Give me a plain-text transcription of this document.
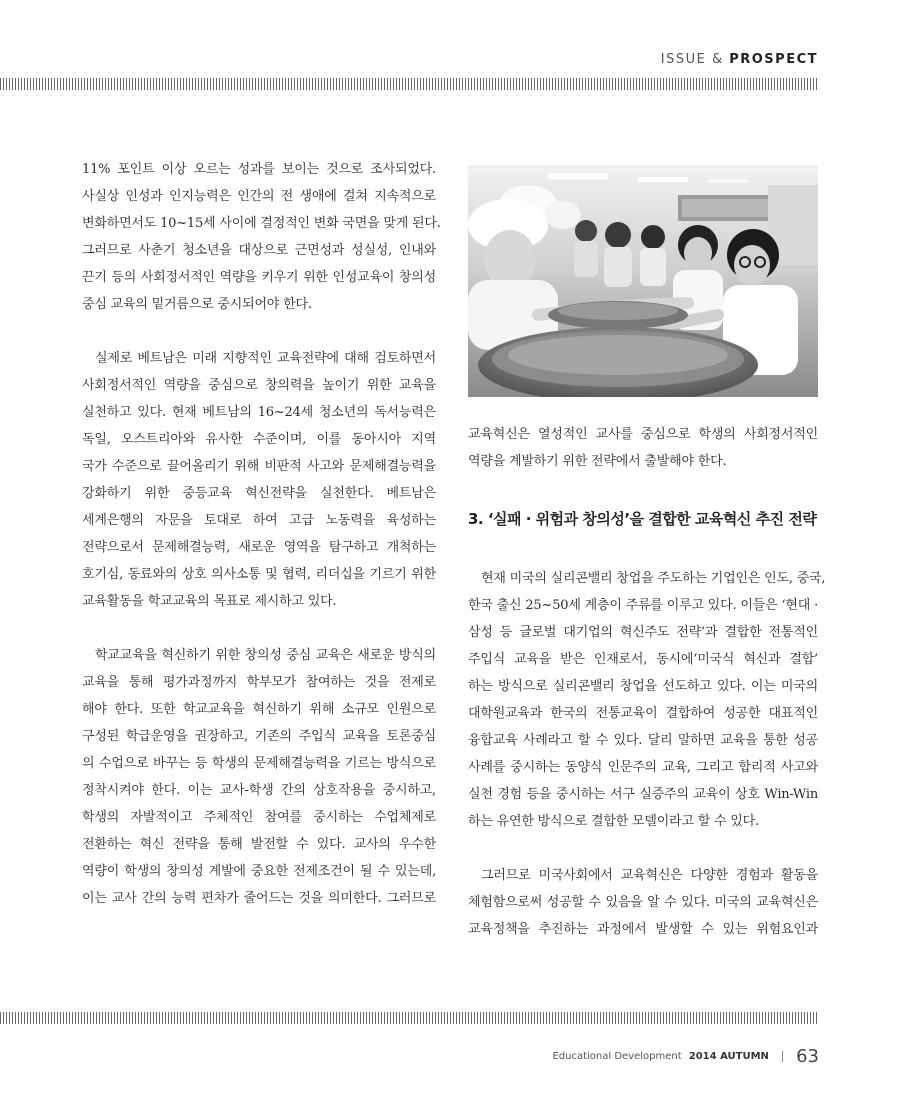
ISSUE & PROSPECT

11% 포인트 이상 오르는 성과를 보이는 것으로 조사되었다.

사실상 인성과 인지능력은 인간의 전 생애에 걸쳐 지속적으로

변화하면서도 10~15세 사이에 결정적인 변화 국면을 맞게 된다.

그러므로 사춘기 청소년을 대상으로 근면성과 성실성, 인내와

끈기 등의 사회정서적인 역량을 키우기 위한 인성교육이 창의성

중심 교육의 밑거름으로 중시되어야 한다.

실제로 베트남은 미래 지향적인 교육전략에 대해 검토하면서

사회정서적인 역량을 중심으로 창의력을 높이기 위한 교육을

실천하고 있다. 현재 베트남의 16~24세 청소년의 독서능력은

독일, 오스트리아와 유사한 수준이며, 이를 동아시아 지역

국가 수준으로 끌어올리기 위해 비판적 사고와 문제해결능력을

강화하기 위한 중등교육 혁신전략을 실천한다. 베트남은

세계은행의 자문을 토대로 하여 고급 노동력을 육성하는

전략으로서 문제해결능력, 새로운 영역을 탐구하고 개척하는

호기심, 동료와의 상호 의사소통 및 협력, 리더십을 기르기 위한

교육활동을 학교교육의 목표로 제시하고 있다.

학교교육을 혁신하기 위한 창의성 중심 교육은 새로운 방식의

교육을 통해 평가과정까지 학부모가 참여하는 것을 전제로

해야 한다. 또한 학교교육을 혁신하기 위해 소규모 인원으로

구성된 학급운영을 권장하고, 기존의 주입식 교육을 토론중심

의 수업으로 바꾸는 등 학생의 문제해결능력을 기르는 방식으로

정착시켜야 한다. 이는 교사-학생 간의 상호작용을 중시하고,

학생의 자발적이고 주체적인 참여를 중시하는 수업체제로

전환하는 혁신 전략을 통해 발전할 수 있다. 교사의 우수한

역량이 학생의 창의성 계발에 중요한 전제조건이 될 수 있는데,

이는 교사 간의 능력 편차가 줄어드는 것을 의미한다. 그러므로

교육혁신은 열성적인 교사를 중심으로 학생의 사회정서적인

역량을 계발하기 위한 전략에서 출발해야 한다.

3. ‘실패 · 위험과 창의성’을 결합한 교육혁신 추진 전략

현재 미국의 실리콘밸리 창업을 주도하는 기업인은 인도, 중국,

한국 출신 25~50세 계층이 주류를 이루고 있다. 이들은 ‘현대 ·

삼성 등 글로벌 대기업의 혁신주도 전략’과 결합한 전통적인

주입식 교육을 받은 인재로서, 동시에‘미국식 혁신과 결합’

하는 방식으로 실리콘밸리 창업을 선도하고 있다. 이는 미국의

대학원교육과 한국의 전통교육이 결합하여 성공한 대표적인

융합교육 사례라고 할 수 있다. 달리 말하면 교육을 통한 성공

사례를 중시하는 동양식 인문주의 교육, 그리고 합리적 사고와

실천 경험 등을 중시하는 서구 실증주의 교육이 상호 Win-Win

하는 유연한 방식으로 결합한 모델이라고 할 수 있다.

그러므로 미국사회에서 교육혁신은 다양한 경험과 활동을

체험함으로써 성공할 수 있음을 알 수 있다. 미국의 교육혁신은

교육정책을 추진하는 과정에서 발생할 수 있는 위험요인과

Educational Development 2014 AUTUMN 63
